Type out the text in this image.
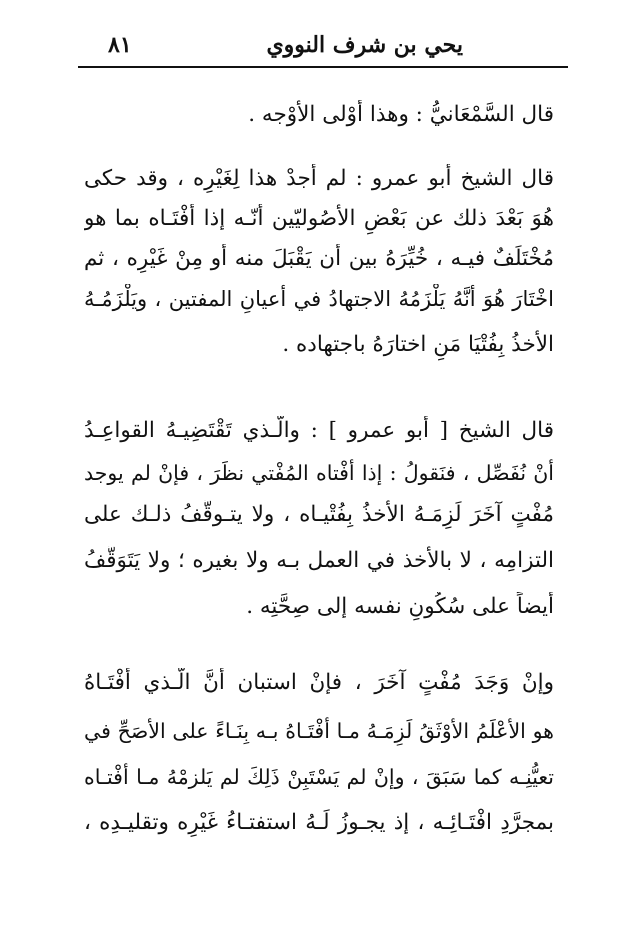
يحي بن شرف النووي
٨١
قال السَّمْعَانيُّ : وهذا أَوْلى الأَوْجه .
قال الشيخ أبو عمرو : لم أجدْ هذا لِغَيْرِه ، وقد حكى
هُوَ بَعْدَ ذلك عن بَعْضِ الأصُوليّين أنّـه إذا أفْتَـاه بما هو
مُخْتَلَفٌ فيـه ، خُيِّرَهُ بين أن يَقْبَلَ منه أو مِنْ غَيْرِه ، ثم
اخْتَارَ هُوَ أنَّهُ يَلْزَمُهُ الاجتهادُ في أعيانِ المفتين ، ويَلْزَمُـهُ
الأخذُ بِفُتْيَا مَنِ اختارَهُ باجتهاده .
قال الشيخ [ أبو عمرو ] : والّـذي تَقْتَضِيـهُ القواعِـدُ
أنْ نُفَصِّل ، فنَقولُ : إذا أفْتاه المُفْتي نظَرَ ، فإنْ لم يوجد
مُفْتٍ آخَرَ لَزِمَـهُ الأخذُ بِفُتْيـاه ، ولا يتـوقَّفُ ذلـك على
التزامِه ، لا بالأخذ في العمل بـه ولا بغيره ؛ ولا يَتَوَقَّفُ
أيضاً على سُكُونِ نفسه إلى صِحَّتِه .
وإنْ وَجَدَ مُفْتٍ آخَرَ ، فإنْ استبان أنَّ الّـذي أفْتَـاهُ
هو الأعْلَمُ الأوْثَقُ لَزِمَـهُ مـا أفْتَـاهُ بـه بِنَـاءً على الأصَحِّ في
تعيُّنِـه كما سَبَقَ ، وإنْ لم يَسْتَبِنْ ذَلِكَ لم يَلزمْهُ مـا أفْتـاه
بمجرَّدِ افْتَـائِـه ، إذ يجـوزُ لَـهُ استفتـاءُ غَيْرِه وتقليـدِه ،
